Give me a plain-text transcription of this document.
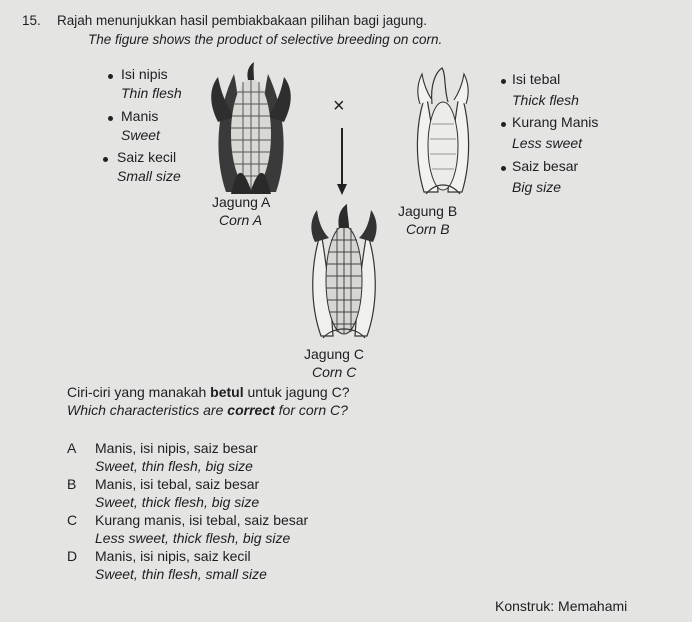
15. Rajah menunjukkan hasil pembiakbakaan pilihan bagi jagung.
The figure shows the product of selective breeding on corn.
Isi nipis
Thin flesh
Manis
Sweet
Saiz kecil
Small size
×
Isi tebal
Thick flesh
Kurang Manis
Less sweet
Saiz besar
Big size
Jagung A
Corn A
Jagung B
Corn B
Jagung C
Corn C
Ciri-ciri yang manakah betul untuk jagung C?
Which characteristics are correct for corn C?
A Manis, isi nipis, saiz besar
Sweet, thin flesh, big size
B Manis, isi tebal, saiz besar
Sweet, thick flesh, big size
C Kurang manis, isi tebal, saiz besar
Less sweet, thick flesh, big size
D Manis, isi nipis, saiz kecil
Sweet, thin flesh, small size
Konstruk: Memahami
